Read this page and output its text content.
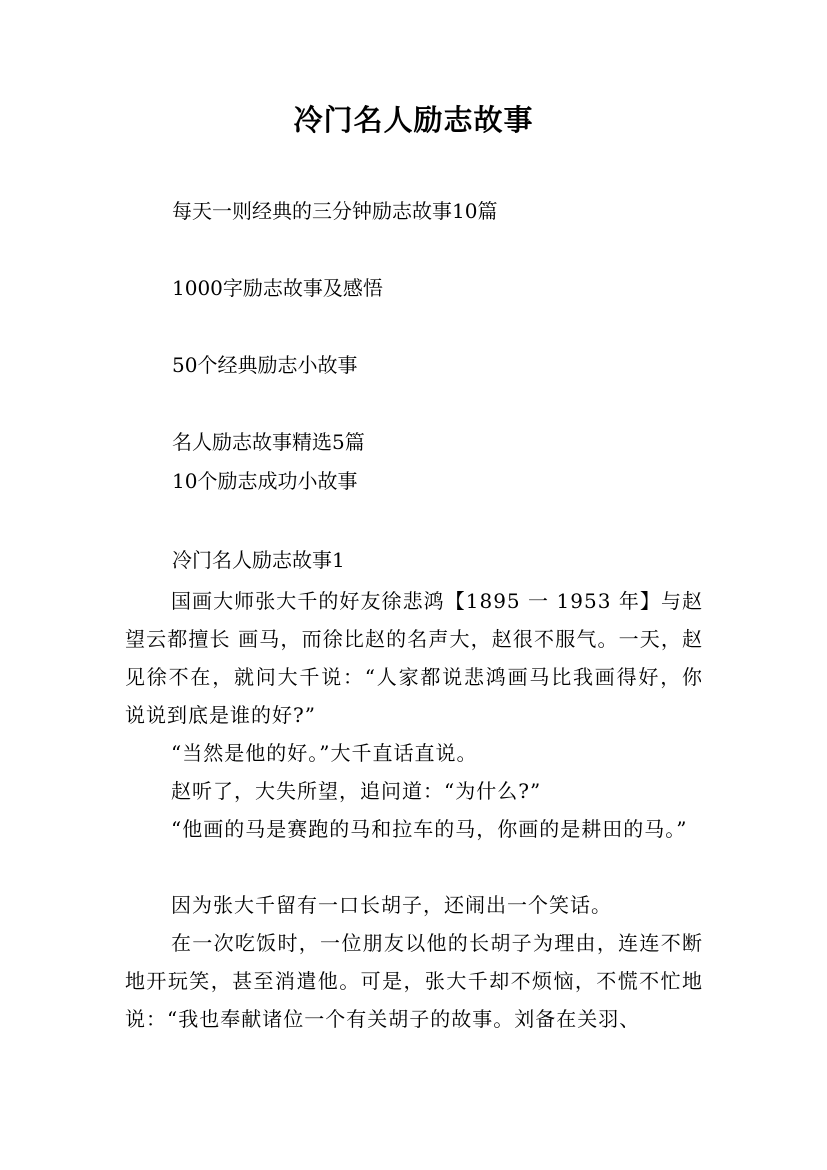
冷门名人励志故事
每天一则经典的三分钟励志故事10篇
1000字励志故事及感悟
50个经典励志小故事
名人励志故事精选5篇
10个励志成功小故事
冷门名人励志故事1

国画大师张大千的好友徐悲鸿【1895 一 1953 年】与赵望云都擅长 画马，而徐比赵的名声大，赵很不服气。一天，赵见徐不在，就问大千说：“人家都说悲鸿画马比我画得好，你说说到底是谁的好?”

“当然是他的好。”大千直话直说。

赵听了，大失所望，追问道：“为什么?”

“他画的马是赛跑的马和拉车的马，你画的是耕田的马。”

因为张大千留有一口长胡子，还闹出一个笑话。

在一次吃饭时，一位朋友以他的长胡子为理由，连连不断地开玩笑，甚至消遣他。可是，张大千却不烦恼，不慌不忙地说：“我也奉献诸位一个有关胡子的故事。刘备在关羽、
